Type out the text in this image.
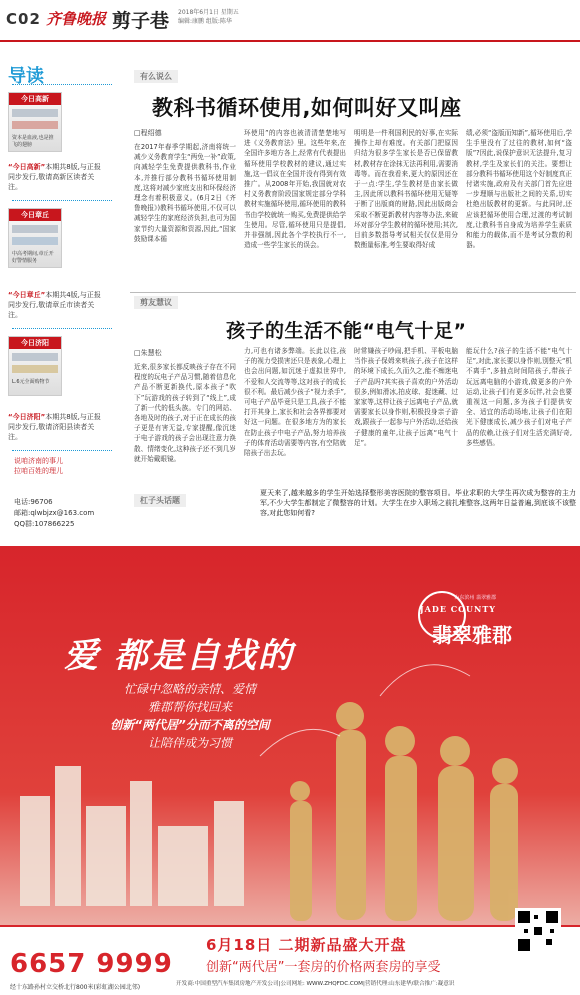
C02 齐鲁晚报 剪子巷 2018年6月1日 星期五
编辑:康鹏 组版:陈华
导读
今日高新
资本是血液,也是推飞的翅膀
“今日高新”本期共8版,与正报同步发行,敬请高新区读者关注。
今日章丘
中高考期间,章丘开好警情服务
“今日章丘”本期共4版,与正报同步发行,敬请章丘市读者关注。
今日济阳
L.6元全面购物节
“今日济阳”本期共8版,与正报同步发行,敬请济阳县读者关注。
说咱济南的事儿
拉咱百姓的理儿
电话:96706
邮箱:qlwbjzx@163.com
QQ群:107866225
有么说么
教科书循环使用,如何叫好又叫座
□程绍德
在2017年春季学期起,济南将统一减少义务教育学生“两免一补”政策,向减轻学生免费提供教科书,作业本,并推行部分教科书循环使用制度,这将对减少家庭支出和环保经济理念有着积极意义。(6月2日《齐鲁晚报》)教科书循环使用,不仅可以减轻学生的家庭经济负担,也可为国家节约大量资源和资源,因此,“国家鼓励课本循
环使用”的内容也被清清楚楚地写进《义务教育法》里。这些年来,在全国许多地方各上,经常有代表提出循环使用学校教材的建议,通过实施,这一倡议在全国并没有得到有效推广。从2008年开始,我国就对农村义务教育阶段国家规定部分学科教材实施循环使用,循环使用的教科书由学校就统一购买,免费提供给学生使用。尽管,循环使用只是提倡,并非强制,因此各个学校执行不一,造成一些学生家长的误会。
明明是一件利国利民的好事,在实际操作上却有难度。有关部门把原因归结为很多学生家长是否已保留教材,教材存在涂抹无法再利用,需要消毒等。而在我看来,更大的原因还在于一点:学生,学生教材是由家长做主,因此所以教科书循环使用无疑等于断了出版商的财路,因此出版商会采取不断更新教材内容等办法,来破坏对部分学生教材的循环使用;其次,目前多数指导考试相关仅仅是用分数衡量标准,考生要取得好成
绩,必须“盗版而知新”,循环使用后,学生手里没有了过往的教材,如何“盗版”?因此,说保护意识无法提升,复习教材,学生及家长们的关注。要想让部分教科书循环使用这个好制度真正付诸实施,政府及有关部门首先应进一步理顺与出版社之间的关系,切实杜绝出版教材的更新。与此同时,还应该把循环使用合理,过渡的考试制度,让教科书自身成为培养学生素质和能力的载体,而不是考试分数的利器。
剪友慧议
孩子的生活不能“电气十足”
□朱慧松
近来,很多家长都反映孩子存在不同程度的玩电子产品习惯,随着信息化产品不断更新换代,原本孩子“吹下”玩游戏的孩子转到了“线上”,成了新一代的低头族。专门的网站、各地及时的孩子,对于正在成长的孩子更是有害无益,专家提醒,像沉迷于电子游戏的孩子会出现注意力涣散、情绪变化,这种孩子还不到几岁就开始戴眼镜。
力,可也有诸多弊端。长此以往,孩子的视力受损害还只是表象,心理上也会出问题,如沉迷于虚拟世界中,不爱和人交流等等,这对孩子的成长很不利。最后减少孩子“视力杀手”,可电子产品毕竟只是工具,孩子不能打开其身上,家长和社会各界都要对好这一问题。在很多地方为的家长在防止孩子中电子产品,努力培养孩子的体育活动需要等内容,有空陪就陪孩子出去玩。
时常嫌孩子吵闹,把手机、平板电脑当作孩子保姆来哄孩子,孩子在这样的环境下成长,久而久之,能不痴迷电子产品吗?其实孩子喜欢的户外活动很多,例如滑冰,拍皮球、捉迷藏、过家家等,这样让孩子远离电子产品,就需要家长以身作则,积极投身亲子游戏,跟孩子一起参与户外活动,还给孩子健康的童年,让孩子远离“电气十足”。
能玩什么?孩子的生活不能“电气十足”,对此,家长要以身作则,别整天“机不离手”,多抽点时间陪孩子,带孩子玩远离电脑的小游戏,做更多的户外运动,让孩子们有更多玩伴,社会也要重视这一问题,多为孩子们提供安全、适宜的活动场地,让孩子们在阳光下健康成长,减少孩子们对电子产品的依赖,让孩子们对生活充满好奇,多些感悟。
杠子头话题
夏天来了,越来越多的学生开始选择整形美容医院的整容项目。毕业求职的大学生再次成为整容的主力军,不少大学生都制定了微整容的计划。大学生在步入职场之前扎堆整容,这两年日益普遍,到底该不该整容,对此您如何看?
山东滨州 翡翠雅郡
JADE COUNTY
翡翠雅郡
爱 都是自找的
忙碌中忽略的亲情、爱情
雅郡帮你找回来
创新“两代居”分而不离的空间
让陪伴成为习惯
6657 9999
经十东路孙村立交桥北行800米(彩虹湖公园北邻)
6月18日 二期新品盛大开盘
创新“两代居”一套房的价格两套房的享受
开发商:中国重型汽车集团房地产开发公司|公司网址: WWW.ZHQFDC.COM|营销代理:山东建华/联合推广:凝意识
